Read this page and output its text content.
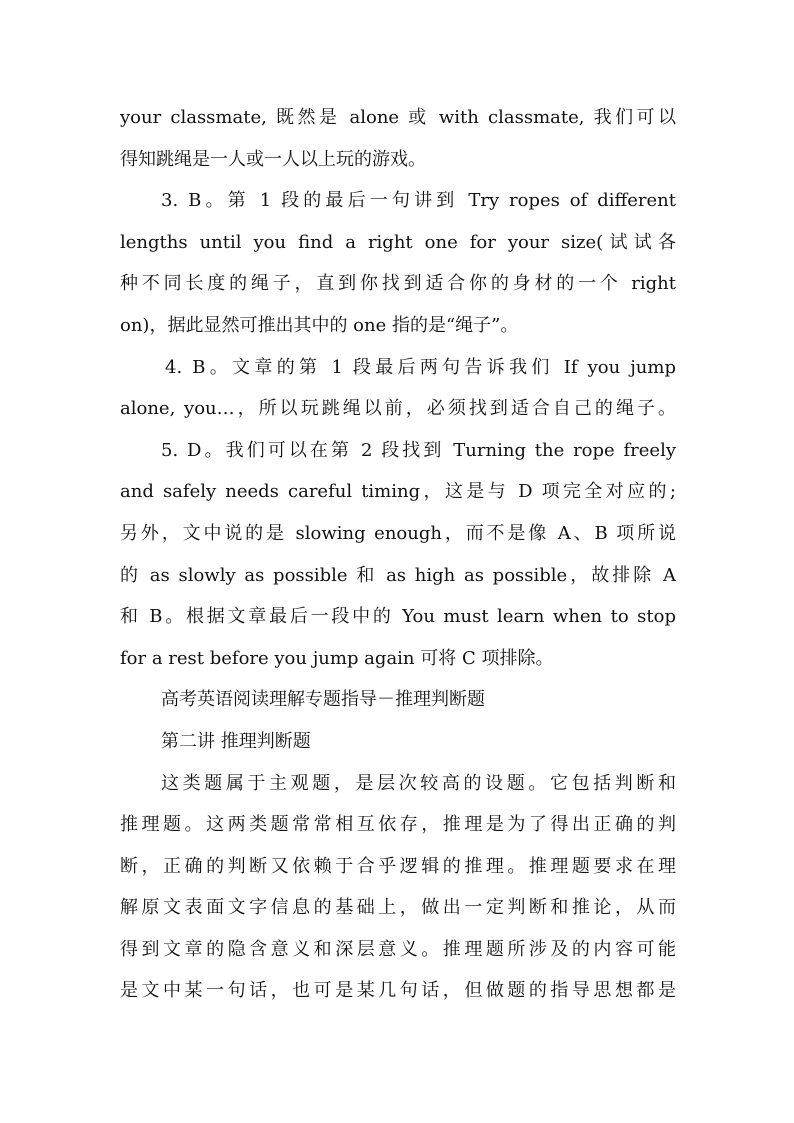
your classmate, 既然是 alone 或 with classmate, 我们可以
得知跳绳是一人或一人以上玩的游戏。
3. B。第 1 段的最后一句讲到 Try ropes of different
lengths until you find a right one for your size(试试各
种不同长度的绳子，直到你找到适合你的身材的一个 right
on)，据此显然可推出其中的 one 指的是“绳子”。
4. B。文章的第 1 段最后两句告诉我们 If you jump
alone, you…，所以玩跳绳以前，必须找到适合自己的绳子。
5. D。我们可以在第 2 段找到 Turning the rope freely
and safely needs careful timing，这是与 D 项完全对应的;
另外，文中说的是 slowing enough，而不是像 A、B 项所说
的 as slowly as possible 和 as high as possible，故排除 A
和 B。根据文章最后一段中的 You must learn when to stop
for a rest before you jump again 可将 C 项排除。
高考英语阅读理解专题指导－推理判断题
第二讲 推理判断题
这类题属于主观题，是层次较高的设题。它包括判断和
推理题。这两类题常常相互依存，推理是为了得出正确的判
断，正确的判断又依赖于合乎逻辑的推理。推理题要求在理
解原文表面文字信息的基础上，做出一定判断和推论，从而
得到文章的隐含意义和深层意义。推理题所涉及的内容可能
是文中某一句话，也可是某几句话，但做题的指导思想都是
